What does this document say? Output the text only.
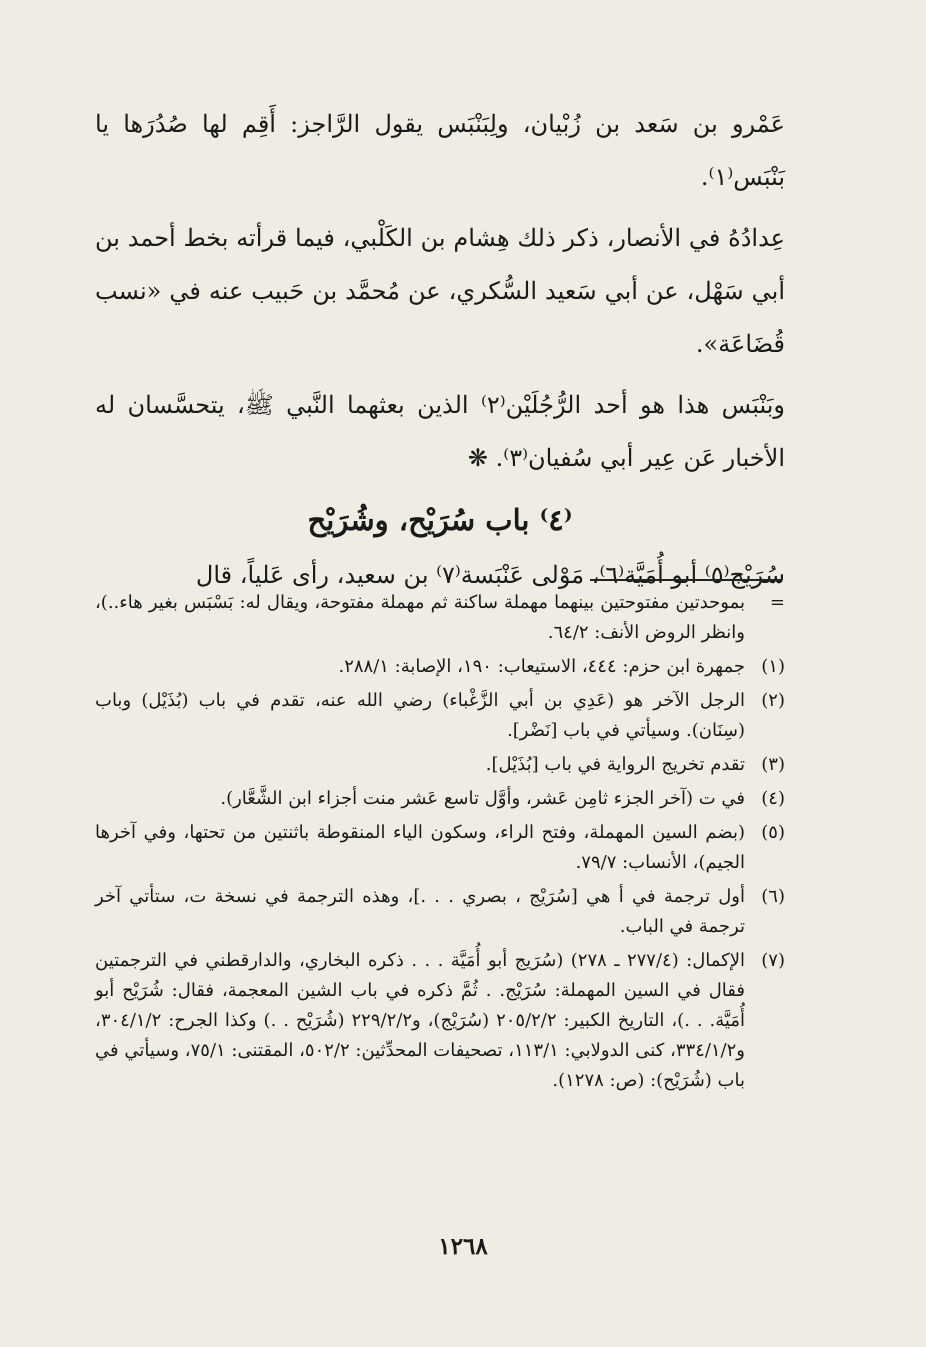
عَمْرو بن سَعد بن زُبْيان، ولِبَنْبَس يقول الرَّاجز: أَقِم لها صُدُرَها يا بَنْبَس⁽١⁾.

عِدادُهُ في الأنصار، ذكر ذلك هِشام بن الكَلْبي، فيما قرأته بخط أحمد بن أبي سَهْل، عن أبي سَعيد السُّكري، عن مُحمَّد بن حَبيب عنه في «نسب قُضَاعَة».

وبَنْبَس هذا هو أحد الرُّجُلَيْن⁽٢⁾ الذين بعثهما النَّبي ﷺ، يتحسَّسان له الأخبار عَن عِير أبي سُفيان⁽٣⁾. ❋

⁽٤⁾ باب سُرَيْح، وشُرَيْح

سُرَيْج⁽٥⁾ أبو أُمَيَّة⁽٦⁾، مَوْلى عَنْبَسة⁽٧⁾ بن سعيد، رأى عَلياً، قال

=
بموحدتين مفتوحتين بينهما مهملة ساكنة ثم مهملة مفتوحة، ويقال له: بَسْبَس بغير هاء..)، وانظر الروض الأنف: ٦٤/٢.
(١)
جمهرة ابن حزم: ٤٤٤، الاستيعاب: ١٩٠، الإصابة: ٢٨٨/١.
(٢)
الرجل الآخر هو (عَدِي بن أبي الزَّغْباء) رضي الله عنه، تقدم في باب (بُذَيْل) وباب (سِنَان). وسيأتي في باب [نَضْر].
(٣)
تقدم تخريج الرواية في باب [بُذَيْل].
(٤)
في ت (آخر الجزء ثامِن عَشر، وأوَّل تاسع عَشر منت أجزاء ابن الشَّعَّار).
(٥)
(بضم السين المهملة، وفتح الراء، وسكون الياء المنقوطة باثنتين من تحتها، وفي آخرها الجيم)، الأنساب: ٧٩/٧.
(٦)
أول ترجمة في أ هي [سُرَيْج ، بصري . . .]، وهذه الترجمة في نسخة ت، ستأتي آخر ترجمة في الباب.
(٧)
الإكمال: (٢٧٧/٤ ـ ٢٧٨) (سُرَيج أبو أُمَيَّة . . . ذكره البخاري، والدارقطني في الترجمتين فقال في السين المهملة: سُرَيْج. . ثُمَّ ذكره في باب الشين المعجمة، فقال: شُرَيْح أبو أُمَيَّة. . .)، التاريخ الكبير: ٢٠٥/٢/٢ (سُرَيْج)، و٢٢٩/٢/٢ (شُرَيْح . .) وكذا الجرح: ٣٠٤/١/٢، و٣٣٤/١/٢، كنى الدولابي: ١١٣/١، تصحيفات المحدِّثين: ٥٠٢/٢، المقتنى: ٧٥/١، وسيأتي في باب (شُرَيْح): (ص: ١٢٧٨).
١٢٦٨
